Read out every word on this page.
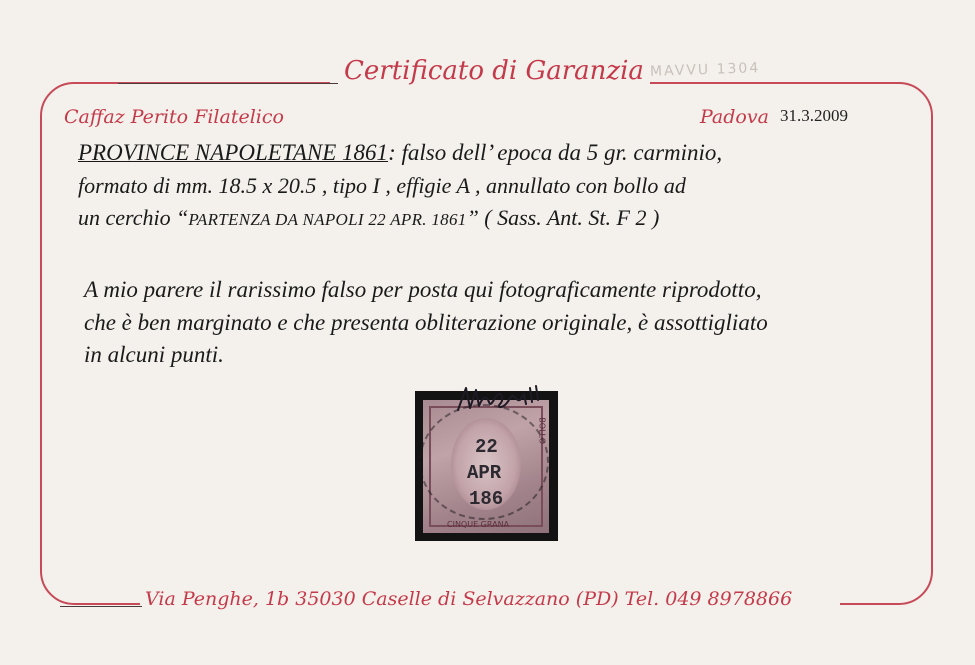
Certificato di Garanzia MAVVU 1304
Caffaz Perito Filatelico	Padova 31.3.2009
PROVINCE NAPOLETANE 1861: falso dell’ epoca da 5 gr. carminio,
formato di mm. 18.5 x 20.5 , tipo I , effigie A , annullato con bollo ad
un cerchio “PARTENZA DA NAPOLI 22 APR. 1861” ( Sass. Ant. St. F 2 )
A mio parere il rarissimo falso per posta qui fotograficamente riprodotto,
che è ben marginato e che presenta obliterazione originale, è assottigliato
in alcuni punti.
22
APR
186
CINQUE GRANA
BOLLO
Via Penghe, 1b 35030 Caselle di Selvazzano (PD) Tel. 049 8978866
